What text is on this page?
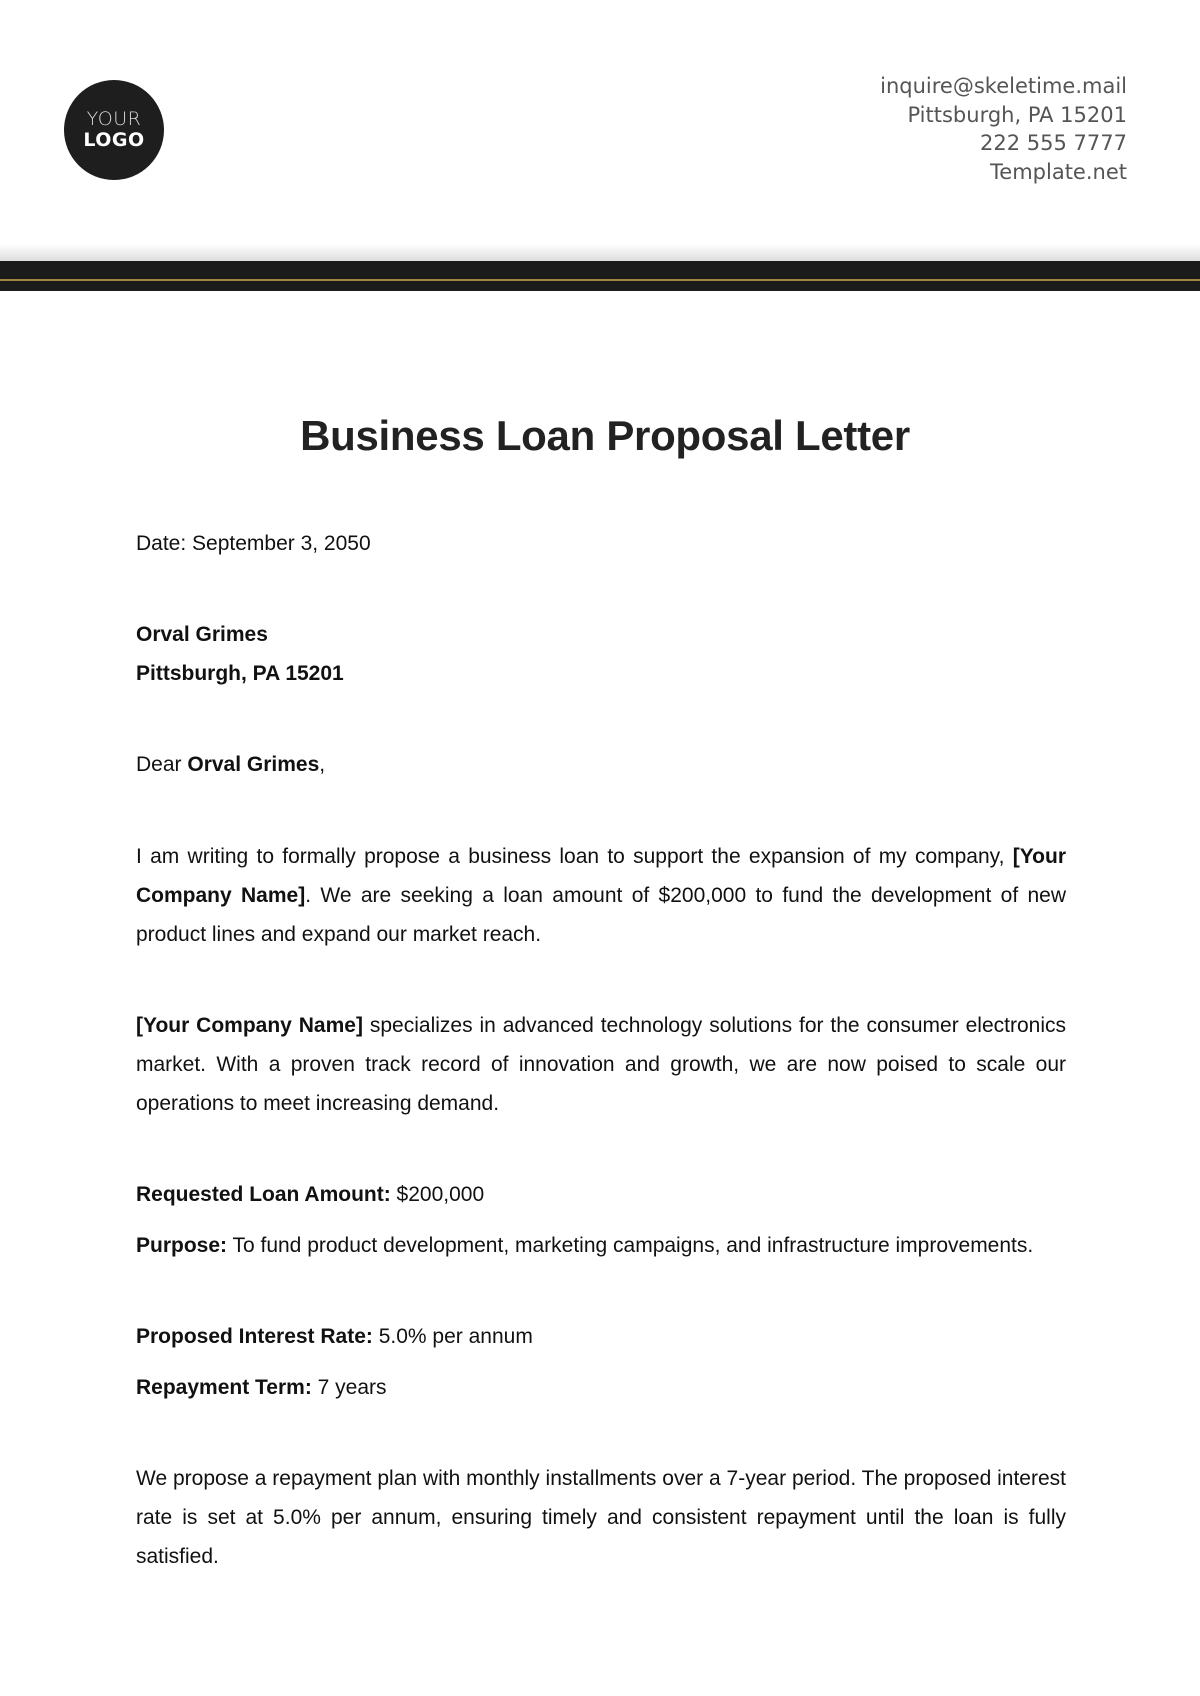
YOUR
LOGO
inquire@skeletime.mail
Pittsburgh, PA 15201
222 555 7777
Template.net
Business Loan Proposal Letter
Date: September 3, 2050
Orval Grimes
Pittsburgh, PA 15201
Dear Orval Grimes,
I am writing to formally propose a business loan to support the expansion of my company, [Your Company Name]. We are seeking a loan amount of $200,000 to fund the development of new product lines and expand our market reach.
[Your Company Name] specializes in advanced technology solutions for the consumer electronics market. With a proven track record of innovation and growth, we are now poised to scale our operations to meet increasing demand.
Requested Loan Amount: $200,000
Purpose: To fund product development, marketing campaigns, and infrastructure improvements.
Proposed Interest Rate: 5.0% per annum
Repayment Term: 7 years
We propose a repayment plan with monthly installments over a 7-year period. The proposed interest rate is set at 5.0% per annum, ensuring timely and consistent repayment until the loan is fully satisfied.
